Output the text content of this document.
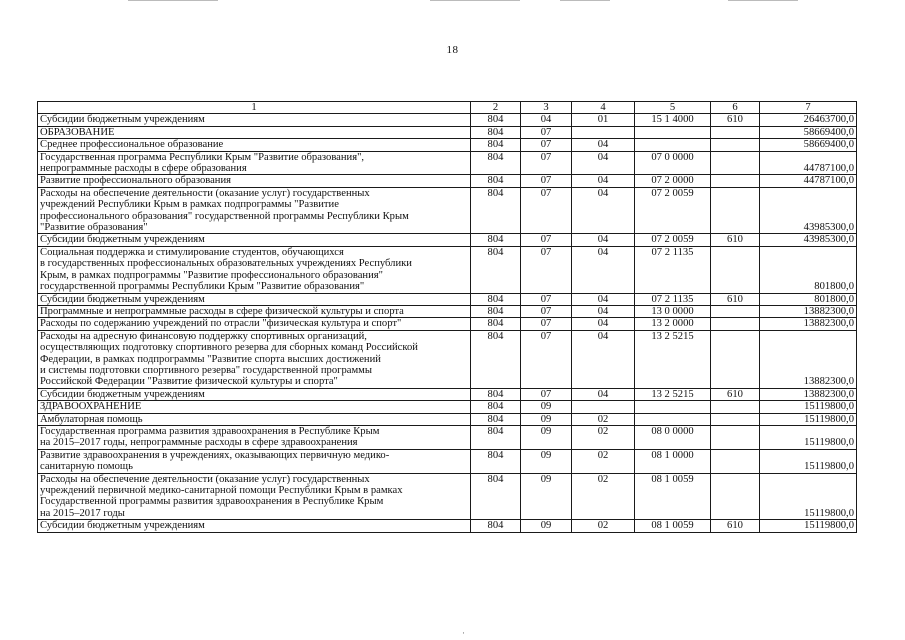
18
1	2	3	4	5	6	7
Субсидии бюджетным учреждениям	804	04	01	15 1 4000	610	26463700,0
ОБРАЗОВАНИЕ	804	07				58669400,0
Среднее профессиональное образование	804	07	04			58669400,0
Государственная программа Республики Крым "Развитие образования",
непрограммные расходы в сфере образования	804	07	04	07 0 0000		44787100,0
Развитие профессионального образования	804	07	04	07 2 0000		44787100,0
Расходы на обеспечение деятельности (оказание услуг) государственных
учреждений Республики Крым в рамках подпрограммы "Развитие
профессионального образования" государственной программы Республики Крым
"Развитие образования"	804	07	04	07 2 0059		43985300,0
Субсидии бюджетным учреждениям	804	07	04	07 2 0059	610	43985300,0
Социальная поддержка и стимулирование студентов, обучающихся
в государственных профессиональных образовательных учреждениях Республики
Крым, в рамках подпрограммы "Развитие профессионального образования"
государственной программы Республики Крым "Развитие образования"	804	07	04	07 2 1135		801800,0
Субсидии бюджетным учреждениям	804	07	04	07 2 1135	610	801800,0
Программные и непрограммные расходы в сфере физической культуры и спорта	804	07	04	13 0 0000		13882300,0
Расходы по содержанию учреждений по отрасли "физическая культура и спорт"	804	07	04	13 2 0000		13882300,0
Расходы на адресную финансовую поддержку спортивных организаций,
осуществляющих подготовку спортивного резерва для сборных команд Российской
Федерации, в рамках подпрограммы "Развитие спорта высших достижений
и системы подготовки спортивного резерва" государственной программы
Российской Федерации "Развитие физической культуры и спорта"	804	07	04	13 2 5215		13882300,0
Субсидии бюджетным учреждениям	804	07	04	13 2 5215	610	13882300,0
ЗДРАВООХРАНЕНИЕ	804	09				15119800,0
Амбулаторная помощь	804	09	02			15119800,0
Государственная программа развития здравоохранения в Республике Крым
на 2015–2017 годы, непрограммные расходы в сфере здравоохранения	804	09	02	08 0 0000		15119800,0
Развитие здравоохранения в учреждениях, оказывающих первичную медико-
санитарную помощь	804	09	02	08 1 0000		15119800,0
Расходы на обеспечение деятельности (оказание услуг) государственных
учреждений первичной медико-санитарной помощи Республики Крым в рамках
Государственной программы развития здравоохранения в Республике Крым
на 2015–2017 годы	804	09	02	08 1 0059		15119800,0
Субсидии бюджетным учреждениям	804	09	02	08 1 0059	610	15119800,0
·
